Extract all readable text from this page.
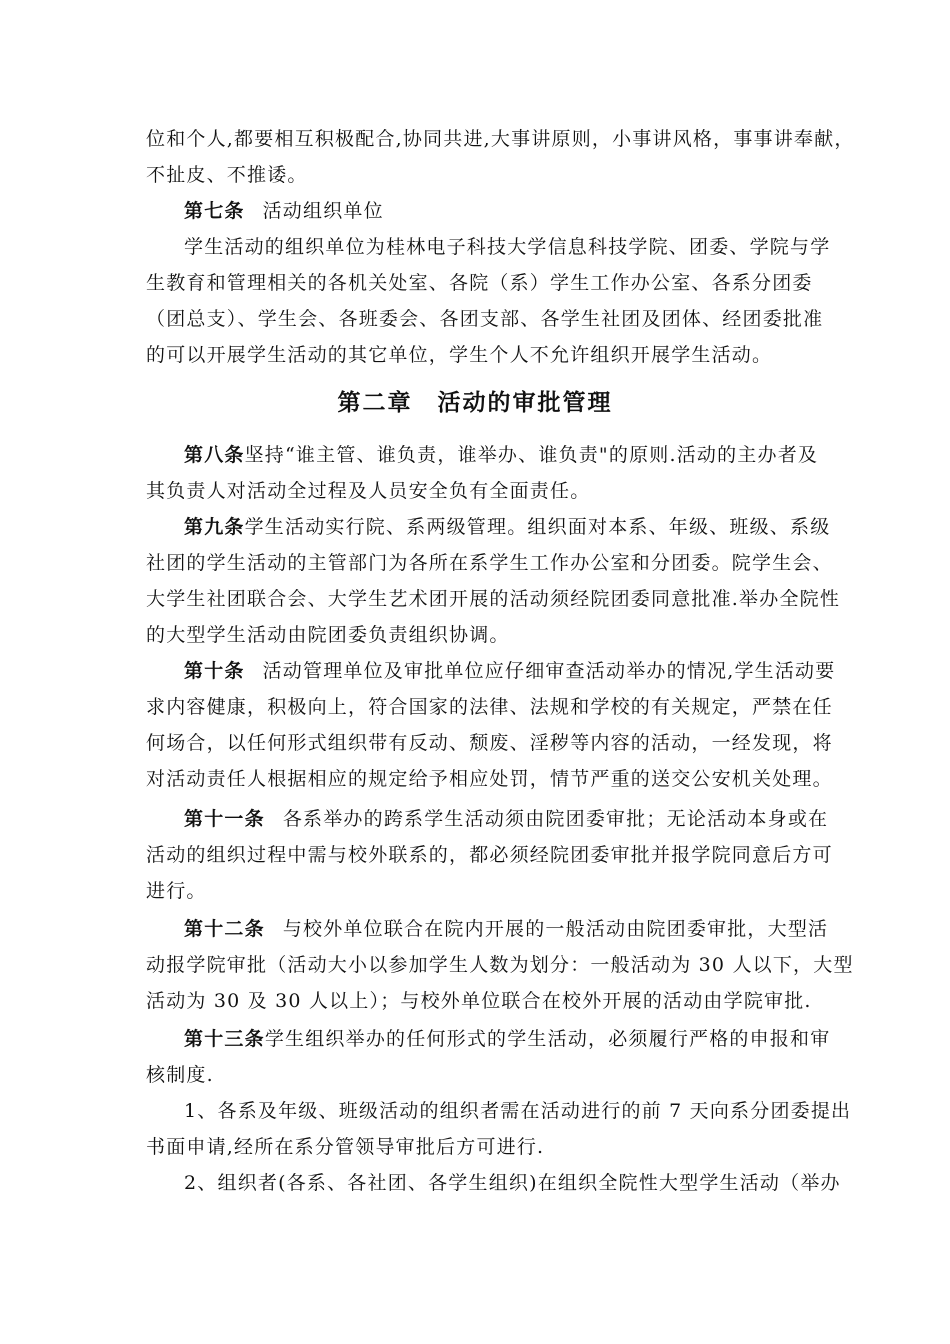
位和个人,都要相互积极配合,协同共进,大事讲原则，小事讲风格，事事讲奉献，
不扯皮、不推诿。
第七条 活动组织单位
学生活动的组织单位为桂林电子科技大学信息科技学院、团委、学院与学
生教育和管理相关的各机关处室、各院（系）学生工作办公室、各系分团委
（团总支）、学生会、各班委会、各团支部、各学生社团及团体、经团委批准
的可以开展学生活动的其它单位，学生个人不允许组织开展学生活动。
第二章　活动的审批管理
第八条坚持“谁主管、谁负责，谁举办、谁负责"的原则.活动的主办者及
其负责人对活动全过程及人员安全负有全面责任。
第九条学生活动实行院、系两级管理。组织面对本系、年级、班级、系级
社团的学生活动的主管部门为各所在系学生工作办公室和分团委。院学生会、
大学生社团联合会、大学生艺术团开展的活动须经院团委同意批准.举办全院性
的大型学生活动由院团委负责组织协调。
第十条 活动管理单位及审批单位应仔细审查活动举办的情况,学生活动要
求内容健康，积极向上，符合国家的法律、法规和学校的有关规定，严禁在任
何场合，以任何形式组织带有反动、颓废、淫秽等内容的活动，一经发现，将
对活动责任人根据相应的规定给予相应处罚，情节严重的送交公安机关处理。
第十一条 各系举办的跨系学生活动须由院团委审批；无论活动本身或在
活动的组织过程中需与校外联系的，都必须经院团委审批并报学院同意后方可
进行。
第十二条 与校外单位联合在院内开展的一般活动由院团委审批，大型活
动报学院审批（活动大小以参加学生人数为划分：一般活动为 30 人以下，大型
活动为 30 及 30 人以上）；与校外单位联合在校外开展的活动由学院审批.
第十三条学生组织举办的任何形式的学生活动，必须履行严格的申报和审
核制度.
1、各系及年级、班级活动的组织者需在活动进行的前 7 天向系分团委提出
书面申请,经所在系分管领导审批后方可进行.
2、组织者(各系、各社团、各学生组织)在组织全院性大型学生活动（举办
